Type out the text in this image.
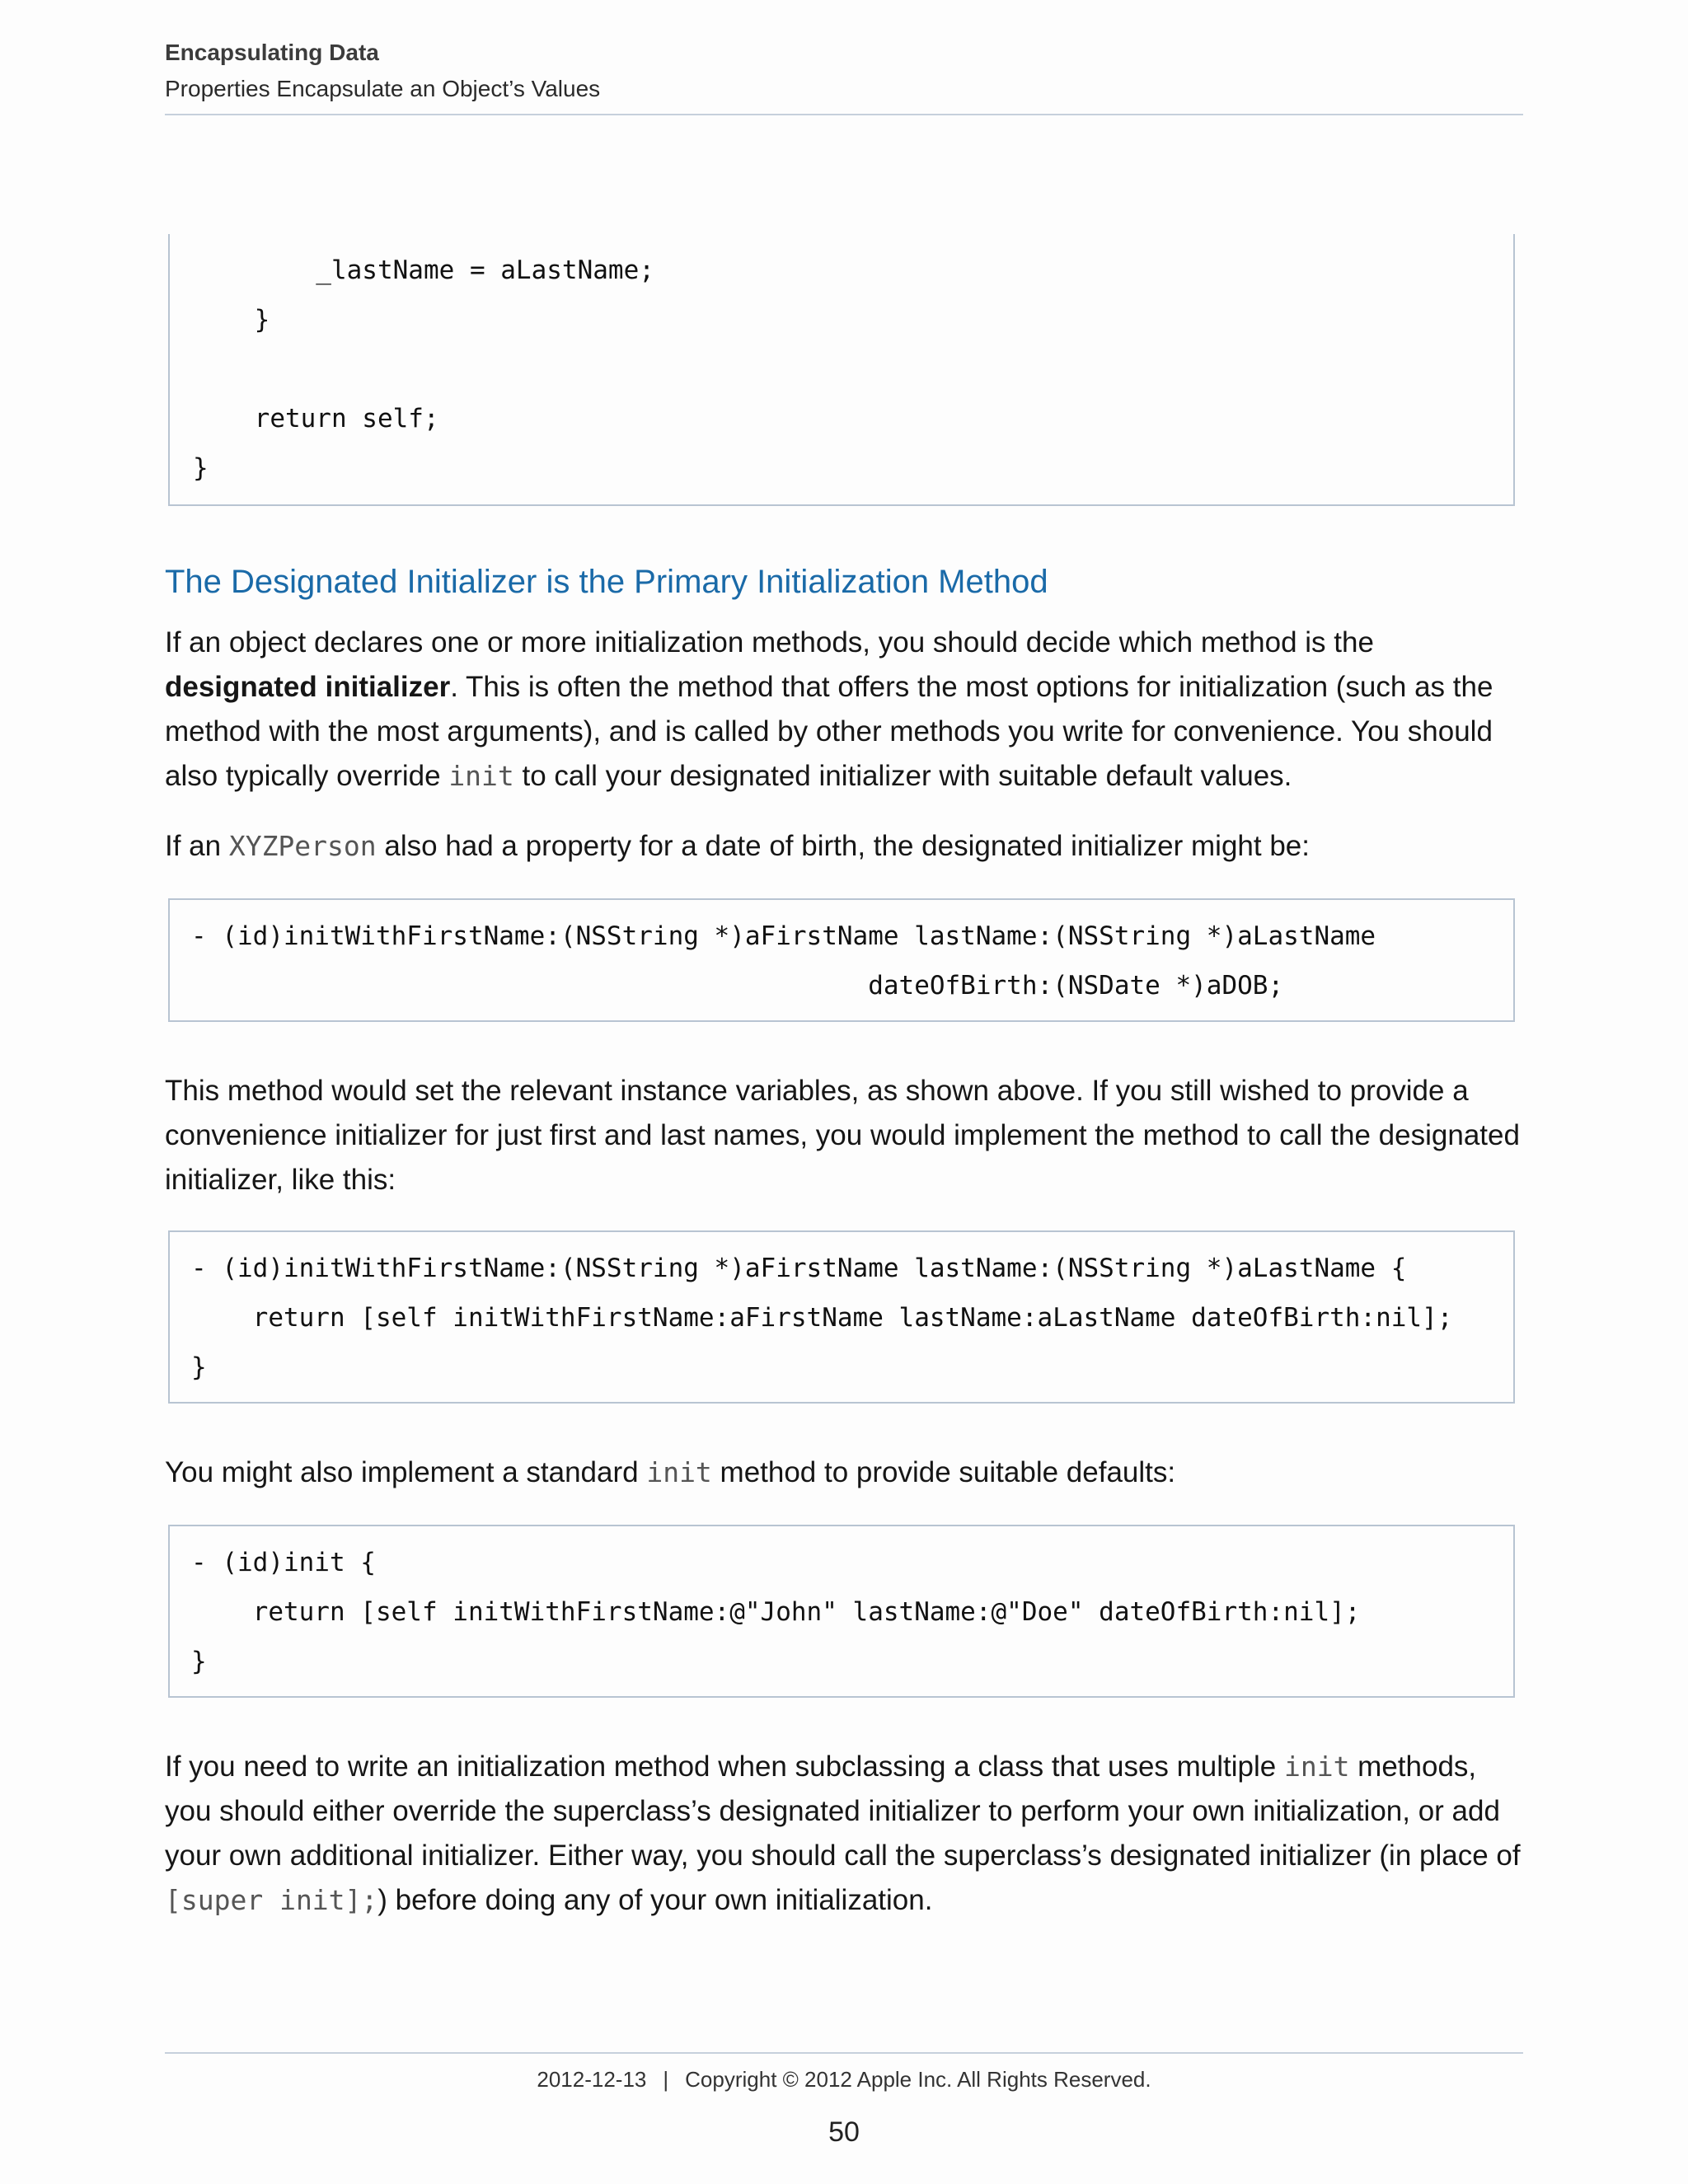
Encapsulating Data
Properties Encapsulate an Object’s Values
_lastName = aLastName;
}
return self;
}
The Designated Initializer is the Primary Initialization Method
If an object declares one or more initialization methods, you should decide which method is the designated initializer. This is often the method that offers the most options for initialization (such as the method with the most arguments), and is called by other methods you write for convenience. You should also typically override init to call your designated initializer with suitable default values.
If an XYZPerson also had a property for a date of birth, the designated initializer might be:
- (id)initWithFirstName:(NSString *)aFirstName lastName:(NSString *)aLastName
dateOfBirth:(NSDate *)aDOB;
This method would set the relevant instance variables, as shown above. If you still wished to provide a convenience initializer for just first and last names, you would implement the method to call the designated initializer, like this:
- (id)initWithFirstName:(NSString *)aFirstName lastName:(NSString *)aLastName {
return [self initWithFirstName:aFirstName lastName:aLastName dateOfBirth:nil];
}
You might also implement a standard init method to provide suitable defaults:
- (id)init {
return [self initWithFirstName:@"John" lastName:@"Doe" dateOfBirth:nil];
}
If you need to write an initialization method when subclassing a class that uses multiple init methods, you should either override the superclass’s designated initializer to perform your own initialization, or add your own additional initializer. Either way, you should call the superclass’s designated initializer (in place of [super init];) before doing any of your own initialization.
2012-12-13 | Copyright © 2012 Apple Inc. All Rights Reserved.
50
